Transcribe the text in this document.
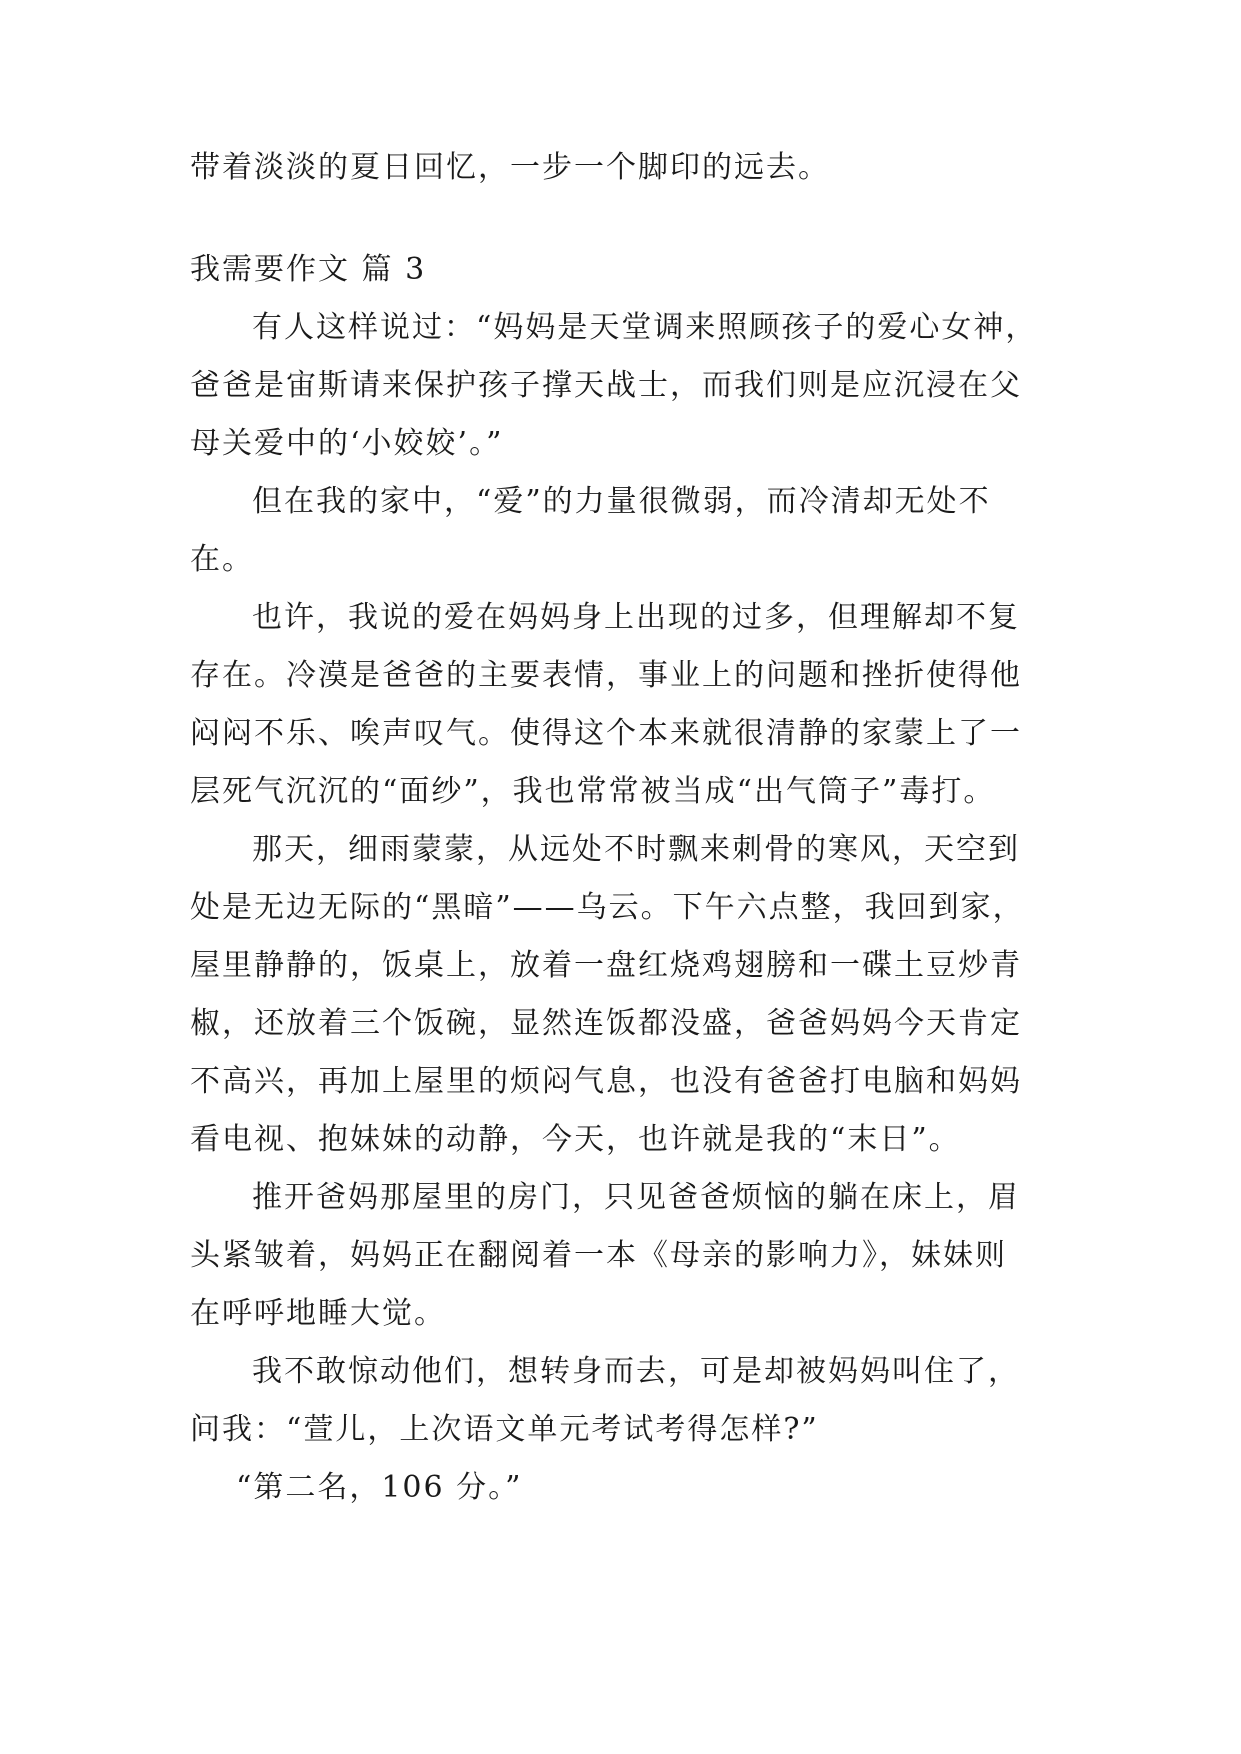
带着淡淡的夏日回忆，一步一个脚印的远去。
我需要作文 篇 3
有人这样说过：“妈妈是天堂调来照顾孩子的爱心女神，
爸爸是宙斯请来保护孩子撑天战士，而我们则是应沉浸在父
母关爱中的‘小姣姣’。”
但在我的家中，“爱”的力量很微弱，而冷清却无处不
在。
也许，我说的爱在妈妈身上出现的过多，但理解却不复
存在。冷漠是爸爸的主要表情，事业上的问题和挫折使得他
闷闷不乐、唉声叹气。使得这个本来就很清静的家蒙上了一
层死气沉沉的“面纱”，我也常常被当成“出气筒子”毒打。
那天，细雨蒙蒙，从远处不时飘来刺骨的寒风，天空到
处是无边无际的“黑暗”——乌云。下午六点整，我回到家，
屋里静静的，饭桌上，放着一盘红烧鸡翅膀和一碟土豆炒青
椒，还放着三个饭碗，显然连饭都没盛，爸爸妈妈今天肯定
不高兴，再加上屋里的烦闷气息，也没有爸爸打电脑和妈妈
看电视、抱妹妹的动静，今天，也许就是我的“末日”。
推开爸妈那屋里的房门，只见爸爸烦恼的躺在床上，眉
头紧皱着，妈妈正在翻阅着一本《母亲的影响力》，妹妹则
在呼呼地睡大觉。
我不敢惊动他们，想转身而去，可是却被妈妈叫住了，
问我：“萱儿，上次语文单元考试考得怎样?”
“第二名，106 分。”
